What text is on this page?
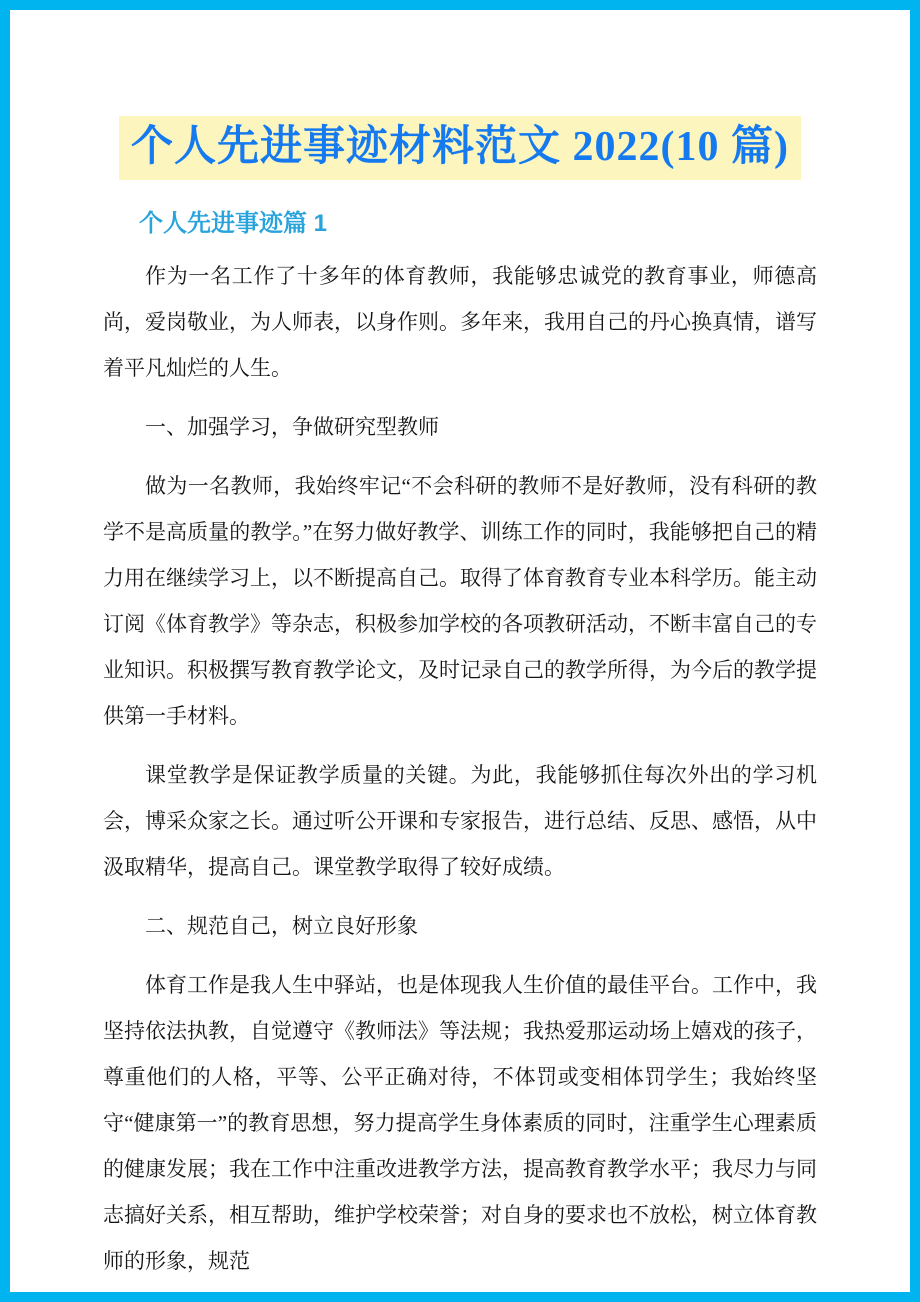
个人先进事迹材料范文 2022(10 篇)
个人先进事迹篇 1

作为一名工作了十多年的体育教师，我能够忠诚党的教育事业，师德高尚，爱岗敬业，为人师表，以身作则。多年来，我用自己的丹心换真情，谱写着平凡灿烂的人生。

一、加强学习，争做研究型教师

做为一名教师，我始终牢记“不会科研的教师不是好教师，没有科研的教学不是高质量的教学。”在努力做好教学、训练工作的同时，我能够把自己的精力用在继续学习上，以不断提高自己。取得了体育教育专业本科学历。能主动订阅《体育教学》等杂志，积极参加学校的各项教研活动，不断丰富自己的专业知识。积极撰写教育教学论文，及时记录自己的教学所得，为今后的教学提供第一手材料。

课堂教学是保证教学质量的关键。为此，我能够抓住每次外出的学习机会，博采众家之长。通过听公开课和专家报告，进行总结、反思、感悟，从中汲取精华，提高自己。课堂教学取得了较好成绩。

二、规范自己，树立良好形象

体育工作是我人生中驿站，也是体现我人生价值的最佳平台。工作中，我坚持依法执教，自觉遵守《教师法》等法规；我热爱那运动场上嬉戏的孩子，尊重他们的人格，平等、公平正确对待，不体罚或变相体罚学生；我始终坚守“健康第一”的教育思想，努力提高学生身体素质的同时，注重学生心理素质的健康发展；我在工作中注重改进教学方法，提高教育教学水平；我尽力与同志搞好关系，相互帮助，维护学校荣誉；对自身的要求也不放松，树立体育教师的形象，规范
